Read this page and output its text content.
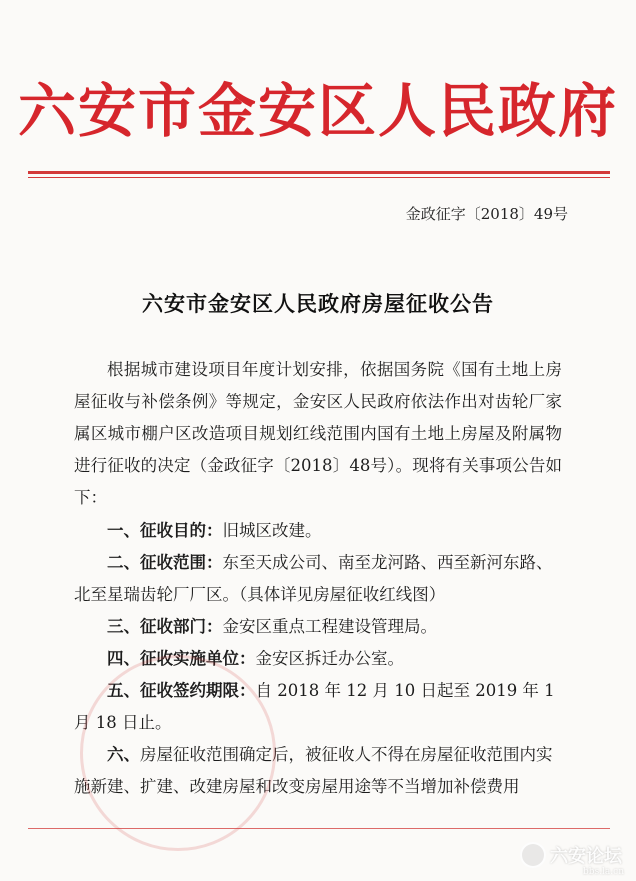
六安市金安区人民政府
金政征字〔2018〕49号
六安市金安区人民政府房屋征收公告
根据城市建设项目年度计划安排，依据国务院《国有土地上房屋征收与补偿条例》等规定，金安区人民政府依法作出对齿轮厂家属区城市棚户区改造项目规划红线范围内国有土地上房屋及附属物进行征收的决定（金政征字〔2018〕48号）。现将有关事项公告如下：

一、征收目的：旧城区改建。

二、征收范围：东至天成公司、南至龙河路、西至新河东路、北至星瑞齿轮厂厂区。（具体详见房屋征收红线图）

三、征收部门：金安区重点工程建设管理局。

四、征收实施单位：金安区拆迁办公室。

五、征收签约期限：自 2018 年 12 月 10 日起至 2019 年 1 月 18 日止。

六、房屋征收范围确定后，被征收人不得在房屋征收范围内实施新建、扩建、改建房屋和改变房屋用途等不当增加补偿费用

六安论坛
bbs.la.cn
